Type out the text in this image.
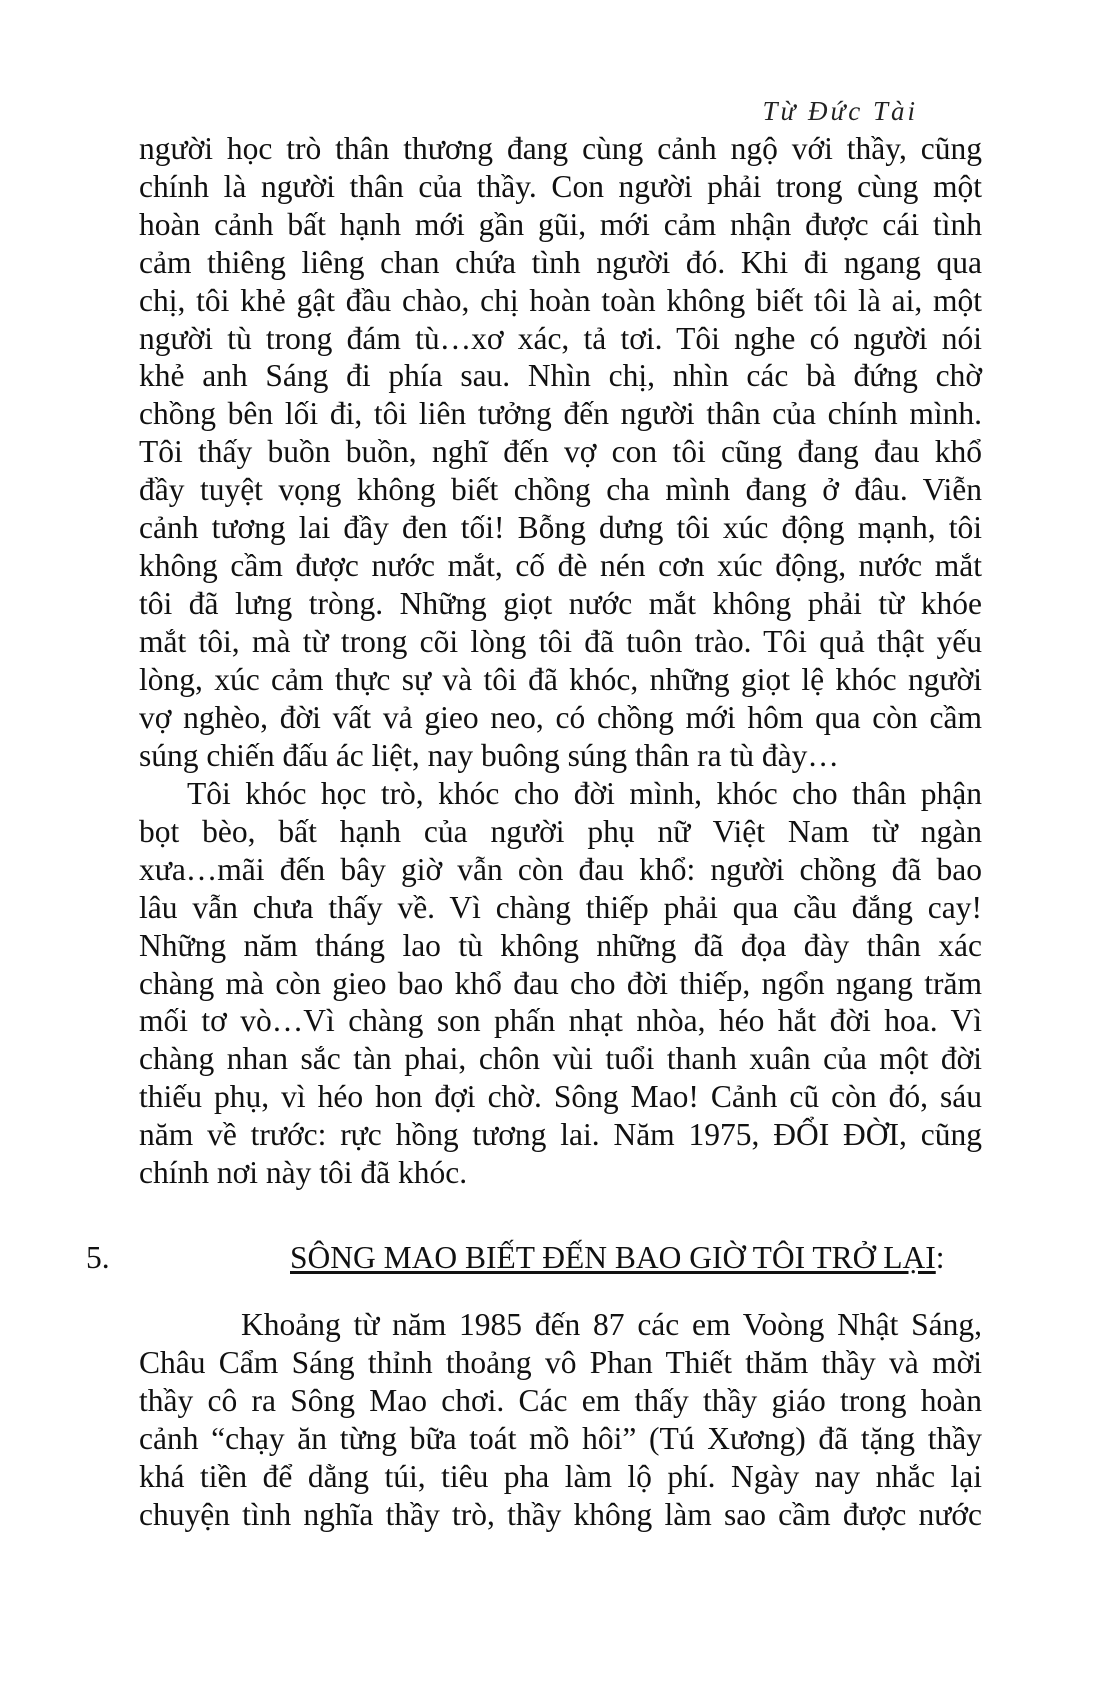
Từ Đức Tài
người học trò thân thương đang cùng cảnh ngộ với thầy, cũng
chính là người thân của thầy. Con người phải trong cùng một
hoàn cảnh bất hạnh mới gần gũi, mới cảm nhận được cái tình
cảm thiêng liêng chan chứa tình người đó. Khi đi ngang qua
chị, tôi khẻ gật đầu chào, chị hoàn toàn không biết tôi là ai, một
người tù trong đám tù…xơ xác, tả tơi. Tôi nghe có người nói
khẻ anh Sáng đi phía sau. Nhìn chị, nhìn các bà đứng chờ
chồng bên lối đi, tôi liên tưởng đến người thân của chính mình.
Tôi thấy buồn buồn, nghĩ đến vợ con tôi cũng đang đau khổ
đầy tuyệt vọng không biết chồng cha mình đang ở đâu. Viễn
cảnh tương lai đầy đen tối! Bỗng dưng tôi xúc động mạnh, tôi
không cầm được nước mắt, cố đè nén cơn xúc động, nước mắt
tôi đã lưng tròng. Những giọt nước mắt không phải từ khóe
mắt tôi, mà từ trong cõi lòng tôi đã tuôn trào. Tôi quả thật yếu
lòng, xúc cảm thực sự và tôi đã khóc, những giọt lệ khóc người
vợ nghèo, đời vất vả gieo neo, có chồng mới hôm qua còn cầm
súng chiến đấu ác liệt, nay buông súng thân ra tù đày…
Tôi khóc học trò, khóc cho đời mình, khóc cho thân phận
bọt bèo, bất hạnh của người phụ nữ Việt Nam từ ngàn
xưa…mãi đến bây giờ vẫn còn đau khổ: người chồng đã bao
lâu vẫn chưa thấy về. Vì chàng thiếp phải qua cầu đắng cay!
Những năm tháng lao tù không những đã đọa đày thân xác
chàng mà còn gieo bao khổ đau cho đời thiếp, ngổn ngang trăm
mối tơ vò…Vì chàng son phấn nhạt nhòa, héo hắt đời hoa. Vì
chàng nhan sắc tàn phai, chôn vùi tuổi thanh xuân của một đời
thiếu phụ, vì héo hon đợi chờ. Sông Mao! Cảnh cũ còn đó, sáu
năm về trước: rực hồng tương lai. Năm 1975, ĐỔI ĐỜI, cũng
chính nơi này tôi đã khóc.
5.	SÔNG MAO BIẾT ĐẾN BAO GIỜ TÔI TRỞ LẠI:
Khoảng từ năm 1985 đến 87 các em Voòng Nhật Sáng,
Châu Cẩm Sáng thỉnh thoảng vô Phan Thiết thăm thầy và mời
thầy cô ra Sông Mao chơi. Các em thấy thầy giáo trong hoàn
cảnh “chạy ăn từng bữa toát mồ hôi” (Tú Xương) đã tặng thầy
khá tiền để dằng túi, tiêu pha làm lộ phí. Ngày nay nhắc lại
chuyện tình nghĩa thầy trò, thầy không làm sao cầm được nước
